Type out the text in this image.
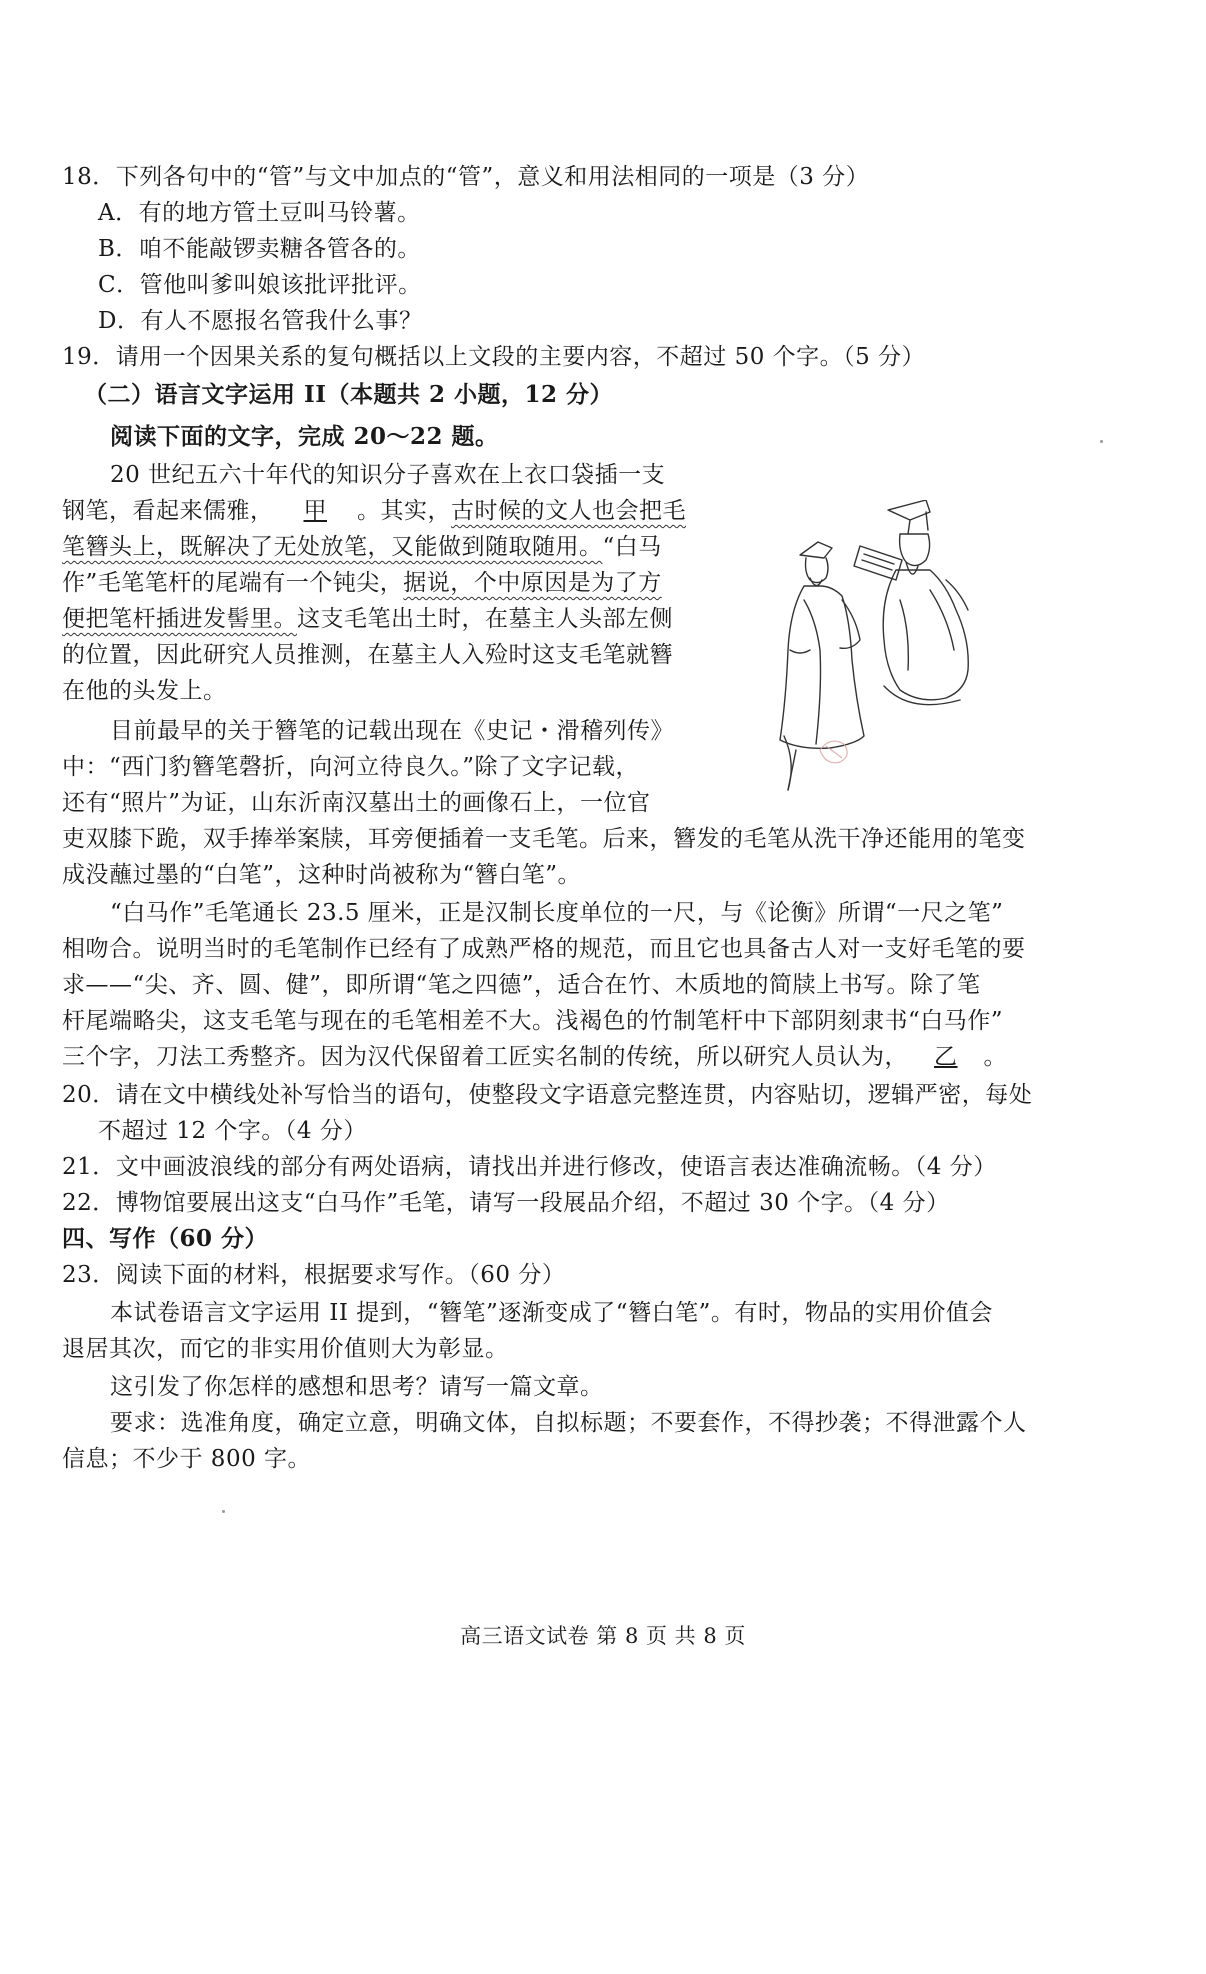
18．下列各句中的“管”与文中加点的“管”，意义和用法相同的一项是（3 分）
A．有的地方管土豆叫马铃薯。
B．咱不能敲锣卖糖各管各的。
C．管他叫爹叫娘该批评批评。
D．有人不愿报名管我什么事？
19．请用一个因果关系的复句概括以上文段的主要内容，不超过 50 个字。（5 分）
（二）语言文字运用 II（本题共 2 小题，12 分）
阅读下面的文字，完成 20～22 题。
20 世纪五六十年代的知识分子喜欢在上衣口袋插一支
钢笔，看起来儒雅， 甲 。其实，古时候的文人也会把毛
笔簪头上，既解决了无处放笔，又能做到随取随用。“白马
作”毛笔笔杆的尾端有一个钝尖，据说，个中原因是为了方
便把笔杆插进发髻里。这支毛笔出土时，在墓主人头部左侧
的位置，因此研究人员推测，在墓主人入殓时这支毛笔就簪
在他的头发上。
目前最早的关于簪笔的记载出现在《史记・滑稽列传》
中：“西门豹簪笔磬折，向河立待良久。”除了文字记载，
还有“照片”为证，山东沂南汉墓出土的画像石上，一位官
吏双膝下跪，双手捧举案牍，耳旁便插着一支毛笔。后来，簪发的毛笔从洗干净还能用的笔变
成没蘸过墨的“白笔”，这种时尚被称为“簪白笔”。
“白马作”毛笔通长 23.5 厘米，正是汉制长度单位的一尺，与《论衡》所谓“一尺之笔”
相吻合。说明当时的毛笔制作已经有了成熟严格的规范，而且它也具备古人对一支好毛笔的要
求——“尖、齐、圆、健”，即所谓“笔之四德”，适合在竹、木质地的简牍上书写。除了笔
杆尾端略尖，这支毛笔与现在的毛笔相差不大。浅褐色的竹制笔杆中下部阴刻隶书“白马作”
三个字，刀法工秀整齐。因为汉代保留着工匠实名制的传统，所以研究人员认为， 乙 。
20．请在文中横线处补写恰当的语句，使整段文字语意完整连贯，内容贴切，逻辑严密，每处
不超过 12 个字。（4 分）
21．文中画波浪线的部分有两处语病，请找出并进行修改，使语言表达准确流畅。（4 分）
22．博物馆要展出这支“白马作”毛笔，请写一段展品介绍，不超过 30 个字。（4 分）
四、写作（60 分）
23．阅读下面的材料，根据要求写作。（60 分）
本试卷语言文字运用 II 提到，“簪笔”逐渐变成了“簪白笔”。有时，物品的实用价值会
退居其次，而它的非实用价值则大为彰显。
这引发了你怎样的感想和思考？请写一篇文章。
要求：选准角度，确定立意，明确文体，自拟标题；不要套作，不得抄袭；不得泄露个人
信息；不少于 800 字。
高三语文试卷 第 8 页 共 8 页
